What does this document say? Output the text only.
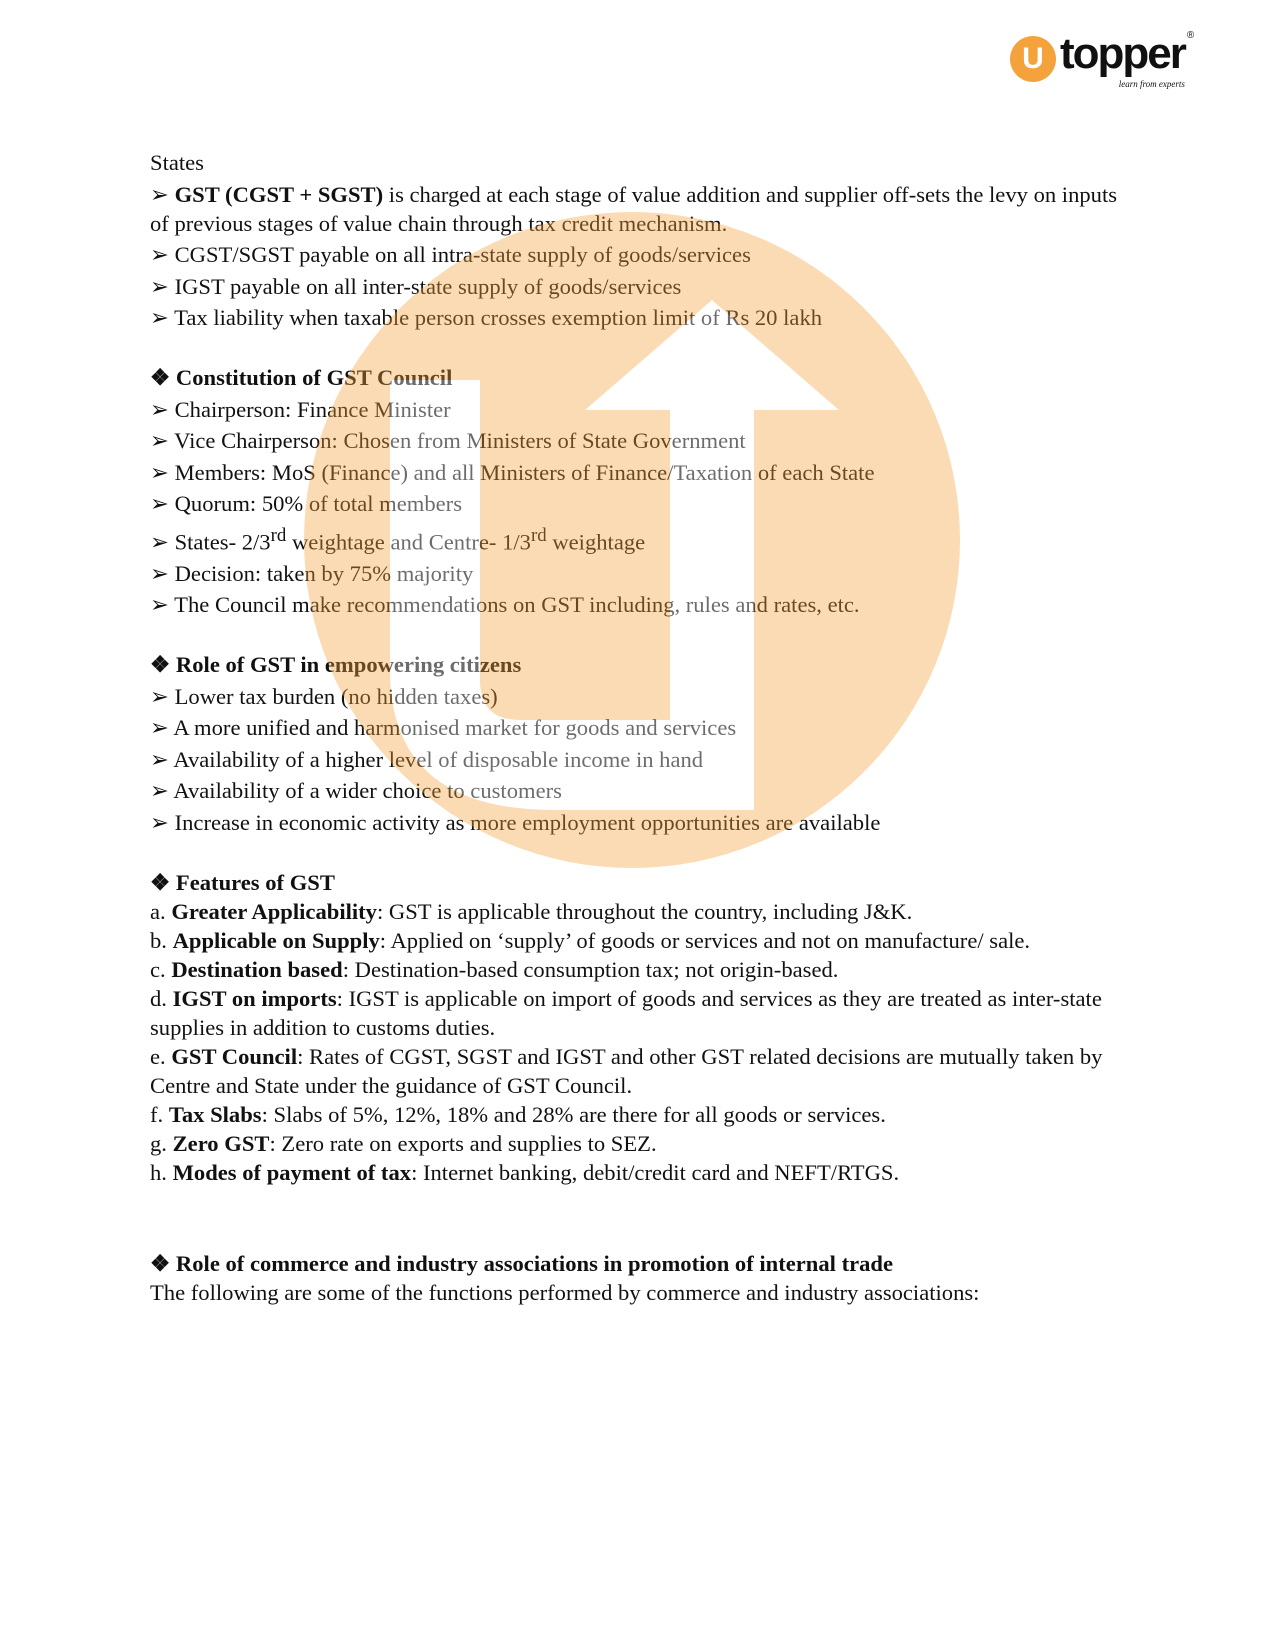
U topper
learn from experts
®

States

➢ GST (CGST + SGST) is charged at each stage of value addition and supplier off-sets the levy on inputs of previous stages of value chain through tax credit mechanism.

➢ CGST/SGST payable on all intra-state supply of goods/services

➢ IGST payable on all inter-state supply of goods/services

➢ Tax liability when taxable person crosses exemption limit of Rs 20 lakh

❖ Constitution of GST Council

➢ Chairperson: Finance Minister

➢ Vice Chairperson: Chosen from Ministers of State Government

➢ Members: MoS (Finance) and all Ministers of Finance/Taxation of each State

➢ Quorum: 50% of total members

➢ States- 2/3rd weightage and Centre- 1/3rd weightage

➢ Decision: taken by 75% majority

➢ The Council make recommendations on GST including, rules and rates, etc.

❖ Role of GST in empowering citizens

➢ Lower tax burden (no hidden taxes)

➢ A more unified and harmonised market for goods and services

➢ Availability of a higher level of disposable income in hand

➢ Availability of a wider choice to customers

➢ Increase in economic activity as more employment opportunities are available

❖ Features of GST

a. Greater Applicability: GST is applicable throughout the country, including J&K.

b. Applicable on Supply: Applied on ‘supply’ of goods or services and not on manufacture/ sale.

c. Destination based: Destination-based consumption tax; not origin-based.

d. IGST on imports: IGST is applicable on import of goods and services as they are treated as inter-state supplies in addition to customs duties.

e. GST Council: Rates of CGST, SGST and IGST and other GST related decisions are mutually taken by Centre and State under the guidance of GST Council.

f. Tax Slabs: Slabs of 5%, 12%, 18% and 28% are there for all goods or services.

g. Zero GST: Zero rate on exports and supplies to SEZ.

h. Modes of payment of tax: Internet banking, debit/credit card and NEFT/RTGS.

❖ Role of commerce and industry associations in promotion of internal trade

The following are some of the functions performed by commerce and industry associations:
